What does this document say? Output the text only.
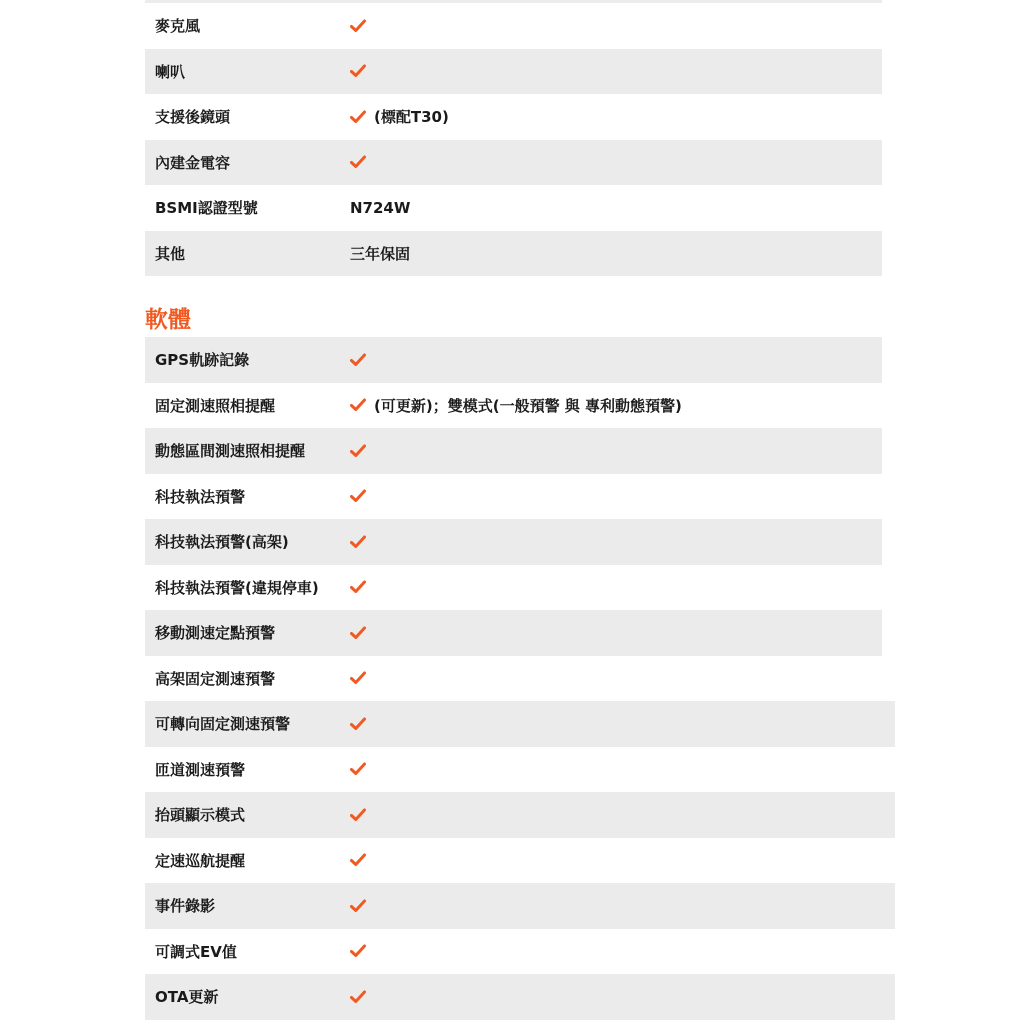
麥克風
喇叭
支援後鏡頭	(標配T30)
內建金電容
BSMI認證型號	N724W
其他	三年保固
軟體
GPS軌跡記錄
固定測速照相提醒	(可更新)；雙模式(一般預警 與 專利動態預警)
動態區間測速照相提醒
科技執法預警
科技執法預警(高架)
科技執法預警(違規停車)
移動測速定點預警
高架固定測速預警
可轉向固定測速預警
匝道測速預警
抬頭顯示模式
定速巡航提醒
事件錄影
可調式EV值
OTA更新
